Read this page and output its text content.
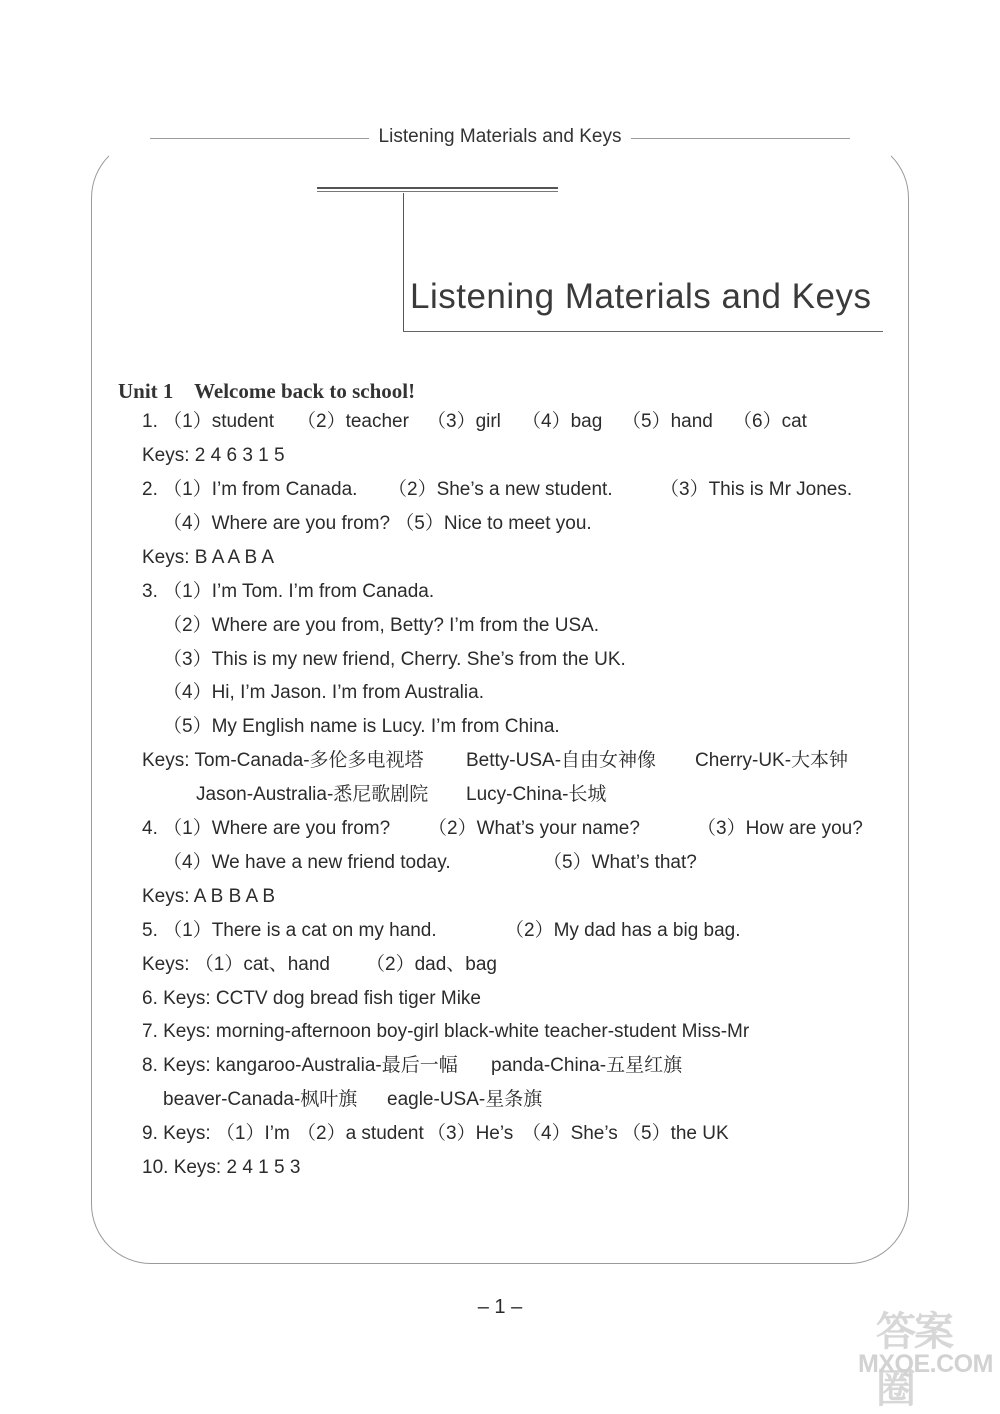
Listening Materials and Keys
Listening Materials and Keys
Unit 1 Welcome back to school!
1. （1）student （2）teacher （3）girl （4）bag （5）hand （6）cat
Keys: 2 4 6 3 1 5
2. （1）I’m from Canada. （2）She’s a new student. （3）This is Mr Jones.
（4）Where are you from? （5）Nice to meet you.
Keys: B A A B A
3. （1）I’m Tom. I’m from Canada.
（2）Where are you from, Betty? I’m from the USA.
（3）This is my new friend, Cherry. She’s from the UK.
（4）Hi, I’m Jason. I’m from Australia.
（5）My English name is Lucy. I’m from China.
Keys: Tom-Canada-多伦多电视塔 Betty-USA-自由女神像 Cherry-UK-大本钟
Jason-Australia-悉尼歌剧院 Lucy-China-长城
4. （1）Where are you from? （2）What’s your name?	（3）How are you?
（4）We have a new friend today.	（5）What’s that?
Keys: A B B A B
5. （1）There is a cat on my hand.	（2）My dad has a big bag.
Keys: （1）cat、hand （2）dad、bag
6. Keys: CCTV dog bread fish tiger Mike
7. Keys: morning-afternoon boy-girl black-white teacher-student Miss-Mr
8. Keys: kangaroo-Australia-最后一幅 panda-China-五星红旗
beaver-Canada-枫叶旗 eagle-USA-星条旗
9. Keys: （1）I’m （2）a student （3）He’s （4）She’s （5）the UK
10. Keys: 2 4 1 5 3
– 1 –
答案圈
MXQE.COM
